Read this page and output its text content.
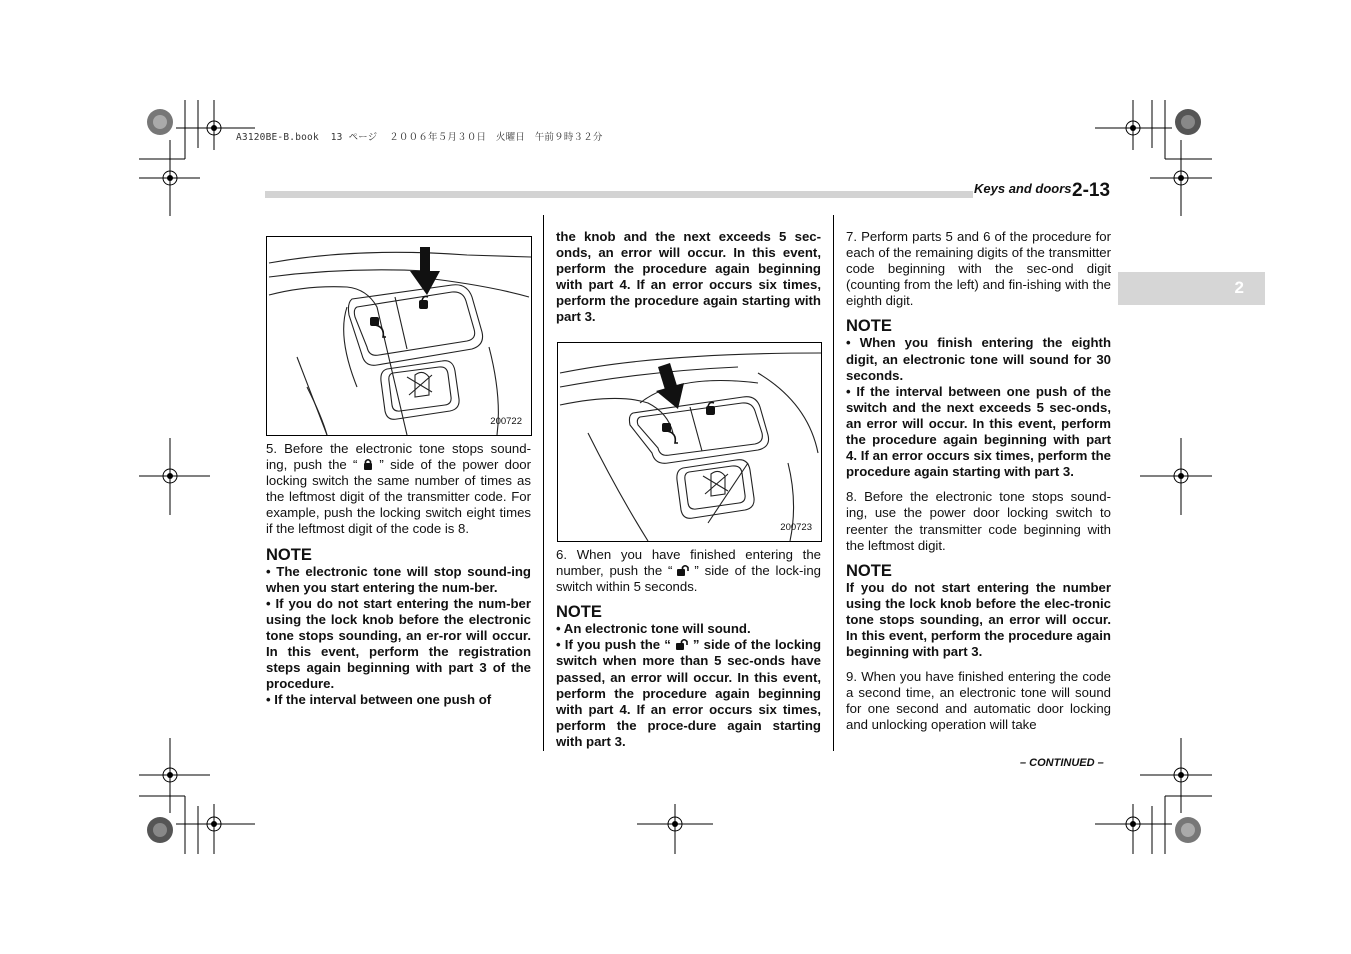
A3120BE-B.book  13 ページ  ２００６年５月３０日　火曜日　午前９時３２分
Keys and doors 2-13
2
200722

5. Before the electronic tone stops sound-ing, push the “ ” side of the power door locking switch the same number of times as the leftmost digit of the transmitter code. For example, push the locking switch eight times if the leftmost digit of the code is 8.

NOTE

• The electronic tone will stop sound-ing when you start entering the num-ber.

• If you do not start entering the num-ber using the lock knob before the electronic tone stops sounding, an er-ror will occur. In this event, perform the registration steps again beginning with part 3 of the procedure.

• If the interval between one push of

the knob and the next exceeds 5 sec-onds, an error will occur. In this event, perform the procedure again beginning with part 4. If an error occurs six times, perform the procedure again starting with part 3.

200723

6. When you have finished entering the number, push the “ ” side of the lock-ing switch within 5 seconds.

NOTE

• An electronic tone will sound.

• If you push the “ ” side of the locking switch when more than 5 sec-onds have passed, an error will occur. In this event, perform the procedure again beginning with part 4. If an error occurs six times, perform the proce-dure again starting with part 3.

7. Perform parts 5 and 6 of the procedure for each of the remaining digits of the transmitter code beginning with the sec-ond digit (counting from the left) and fin-ishing with the eighth digit.

NOTE

• When you finish entering the eighth digit, an electronic tone will sound for 30 seconds.

• If the interval between one push of the switch and the next exceeds 5 sec-onds, an error will occur. In this event, perform the procedure again beginning with part 4. If an error occurs six times, perform the procedure again starting with part 3.

8. Before the electronic tone stops sound-ing, use the power door locking switch to reenter the transmitter code beginning with the leftmost digit.

NOTE

If you do not start entering the number using the lock knob before the elec-tronic tone stops sounding, an error will occur. In this event, perform the procedure again beginning with part 3.

9. When you have finished entering the code a second time, an electronic tone will sound for one second and automatic door locking and unlocking operation will take

– CONTINUED –
